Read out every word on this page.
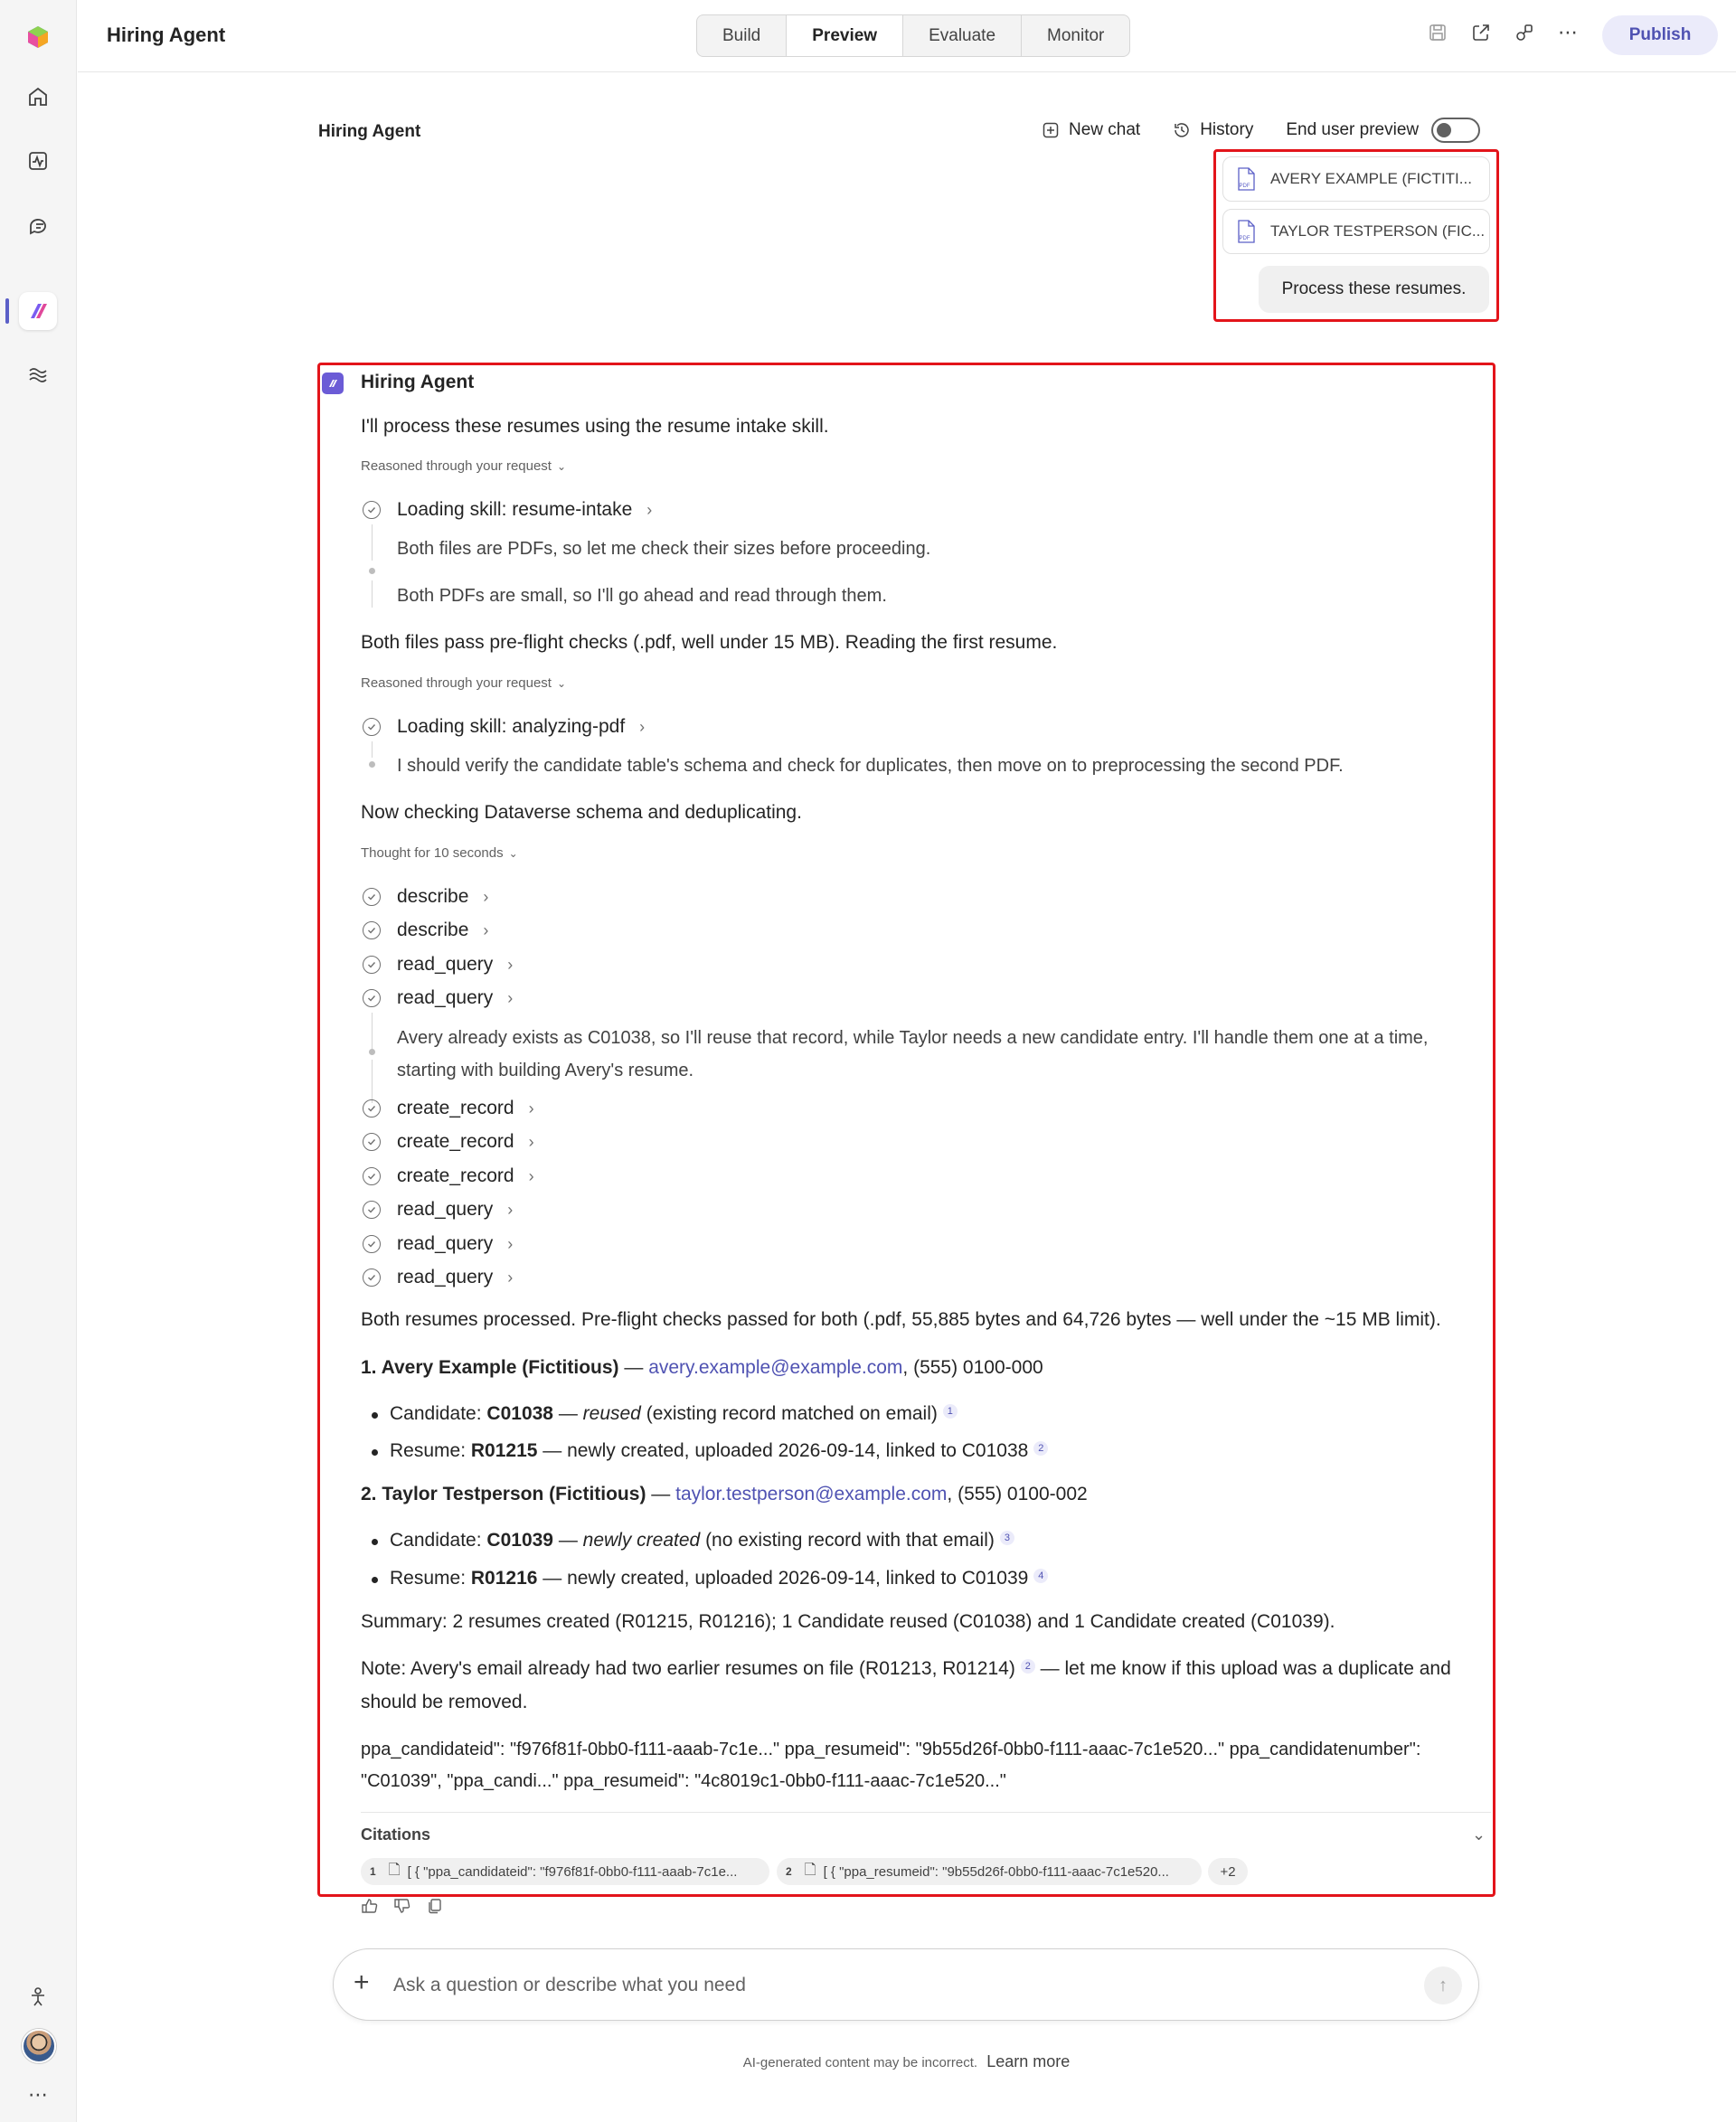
⋯
Hiring Agent	Build	Preview	Evaluate	Monitor	⋯	Publish
Hiring Agent	New chat	History End user preview
PDF AVERY EXAMPLE (FICTITI...
PDF TAYLOR TESTPERSON (FIC...
Process these resumes.
Hiring Agent
I'll process these resumes using the resume intake skill.
Reasoned through your request ⌄
Loading skill: resume-intake ›
Both files are PDFs, so let me check their sizes before proceeding.
Both PDFs are small, so I'll go ahead and read through them.
Both files pass pre-flight checks (.pdf, well under 15 MB). Reading the first resume.
Reasoned through your request ⌄
Loading skill: analyzing-pdf ›
I should verify the candidate table's schema and check for duplicates, then move on to preprocessing the second PDF.
Now checking Dataverse schema and deduplicating.
Thought for 10 seconds ⌄
describe ›
describe ›
read_query ›
read_query ›
Avery already exists as C01038, so I'll reuse that record, while Taylor needs a new candidate entry. I'll handle them one at a time,
starting with building Avery's resume.
create_record ›
create_record ›
create_record ›
read_query ›
read_query ›
read_query ›
Both resumes processed. Pre-flight checks passed for both (.pdf, 55,885 bytes and 64,726 bytes — well under the ~15 MB limit).
1. Avery Example (Fictitious) — avery.example@example.com, (555) 0100-000
Candidate: C01038 — reused (existing record matched on email) 1
Resume: R01215 — newly created, uploaded 2026-09-14, linked to C01038 2
2. Taylor Testperson (Fictitious) — taylor.testperson@example.com, (555) 0100-002
Candidate: C01039 — newly created (no existing record with that email) 3
Resume: R01216 — newly created, uploaded 2026-09-14, linked to C01039 4
Summary: 2 resumes created (R01215, R01216); 1 Candidate reused (C01038) and 1 Candidate created (C01039).
Note: Avery's email already had two earlier resumes on file (R01213, R01214) 2 — let me know if this upload was a duplicate and
should be removed.
ppa_candidateid": "f976f81f-0bb0-f111-aaab-7c1e..." ppa_resumeid": "9b55d26f-0bb0-f111-aaac-7c1e520..." ppa_candidatenumber":
"C01039", "ppa_candi..." ppa_resumeid": "4c8019c1-0bb0-f111-aaac-7c1e520..."
Citations	⌄
1 🗋 [ { "ppa_candidateid": "f976f81f-0bb0-f111-aaab-7c1e...	2 🗋 [ { "ppa_resumeid": "9b55d26f-0bb0-f111-aaac-7c1e520...	+2
+
Ask a question or describe what you need	↑
AI-generated content may be incorrect. Learn more
